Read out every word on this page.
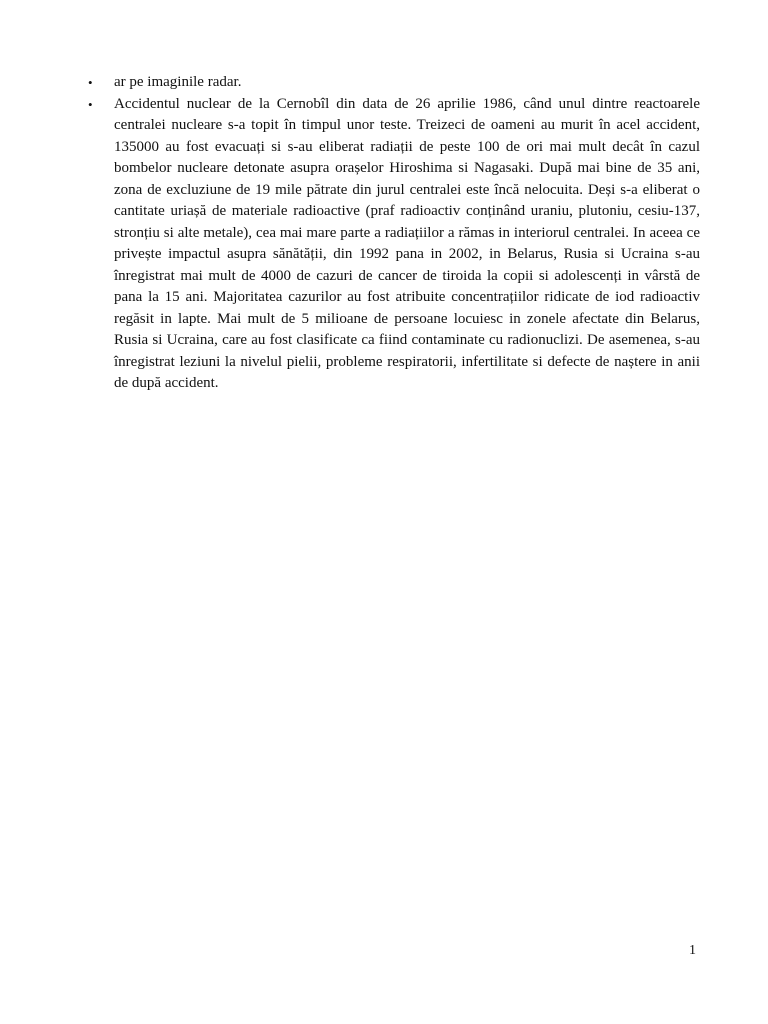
• ar pe imaginile radar.
• Accidentul nuclear de la Cernobîl din data de 26 aprilie 1986, când unul dintre reactoarele centralei nucleare s-a topit în timpul unor teste. Treizeci de oameni au murit în acel accident, 135000 au fost evacuați si s-au eliberat radiații de peste 100 de ori mai mult decât în cazul bombelor nucleare detonate asupra orașelor Hiroshima si Nagasaki. După mai bine de 35 ani, zona de excluziune de 19 mile pătrate din jurul centralei este încă nelocuita. Deși s-a eliberat o cantitate uriașă de materiale radioactive (praf radioactiv conținând uraniu, plutoniu, cesiu-137, stronțiu si alte metale), cea mai mare parte a radiațiilor a rămas in interiorul centralei. In aceea ce privește impactul asupra sănătății, din 1992 pana in 2002, in Belarus, Rusia si Ucraina s-au înregistrat mai mult de 4000 de cazuri de cancer de tiroida la copii si adolescenți in vârstă de pana la 15 ani. Majoritatea cazurilor au fost atribuite concentrațiilor ridicate de iod radioactiv regăsit in lapte. Mai mult de 5 milioane de persoane locuiesc in zonele afectate din Belarus, Rusia si Ucraina, care au fost clasificate ca fiind contaminate cu radionuclizi. De asemenea, s-au înregistrat leziuni la nivelul pielii, probleme respiratorii, infertilitate si defecte de naștere in anii de după accident.
1
